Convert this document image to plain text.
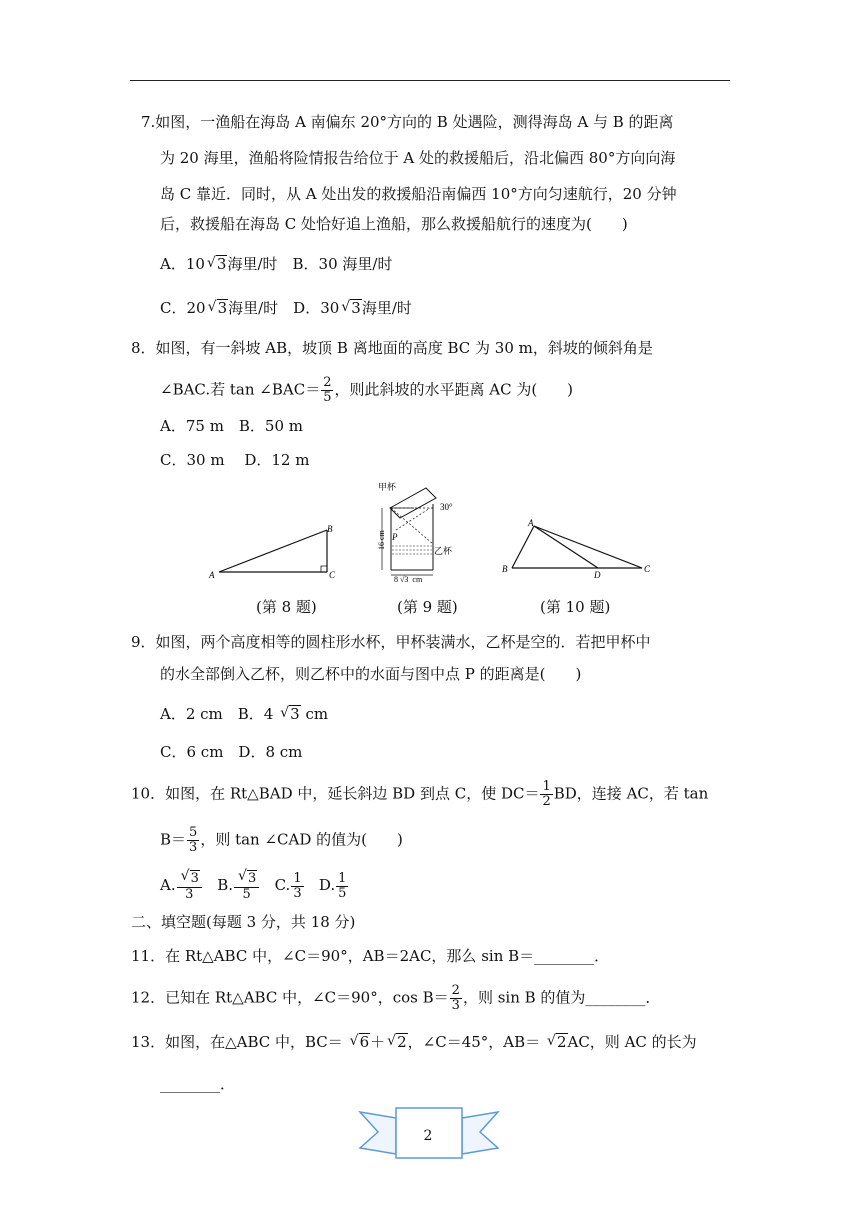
7.如图，一渔船在海岛 A 南偏东 20°方向的 B 处遇险，测得海岛 A 与 B 的距离
为 20 海里，渔船将险情报告给位于 A 处的救援船后，沿北偏西 80°方向向海
岛 C 靠近．同时，从 A 处出发的救援船沿南偏西 10°方向匀速航行，20 分钟
后，救援船在海岛 C 处恰好追上渔船，那么救援船航行的速度为(　　)
A．10 √ 3海里/时　B．30 海里/时
C．20 √ 3海里/时　D．30 √ 3海里/时
8．如图，有一斜坡 AB，坡顶 B 离地面的高度 BC 为 30 m，斜坡的倾斜角是
∠BAC.若 tan ∠BAC＝ $\frac{2}{5}$ ，则此斜坡的水平距离 AC 为(　　)
A．75 m　B．50 m
C．30 m　 D．12 m
A
B
C
甲杯
P
乙杯
30°
16 cm
8 √3 cm
A
B
D
C
(第 8 题)	(第 9 题)	(第 10 题)
9．如图，两个高度相等的圆柱形水杯，甲杯装满水，乙杯是空的．若把甲杯中
的水全部倒入乙杯，则乙杯中的水面与图中点 P 的距离是(　　)
A．2 cm　B．4 √ 3 cm
C．6 cm　D．8 cm
10．如图，在 Rt△BAD 中，延长斜边 BD 到点 C，使 $DC= \frac{1}{2}$ BD，连接 AC，若 tan
$B= \frac{5}{3}$ ，则 tan ∠CAD 的值为(　　)
A. √ $\frac{3}{3} B$. √ $\frac{3}{5} C$. $\frac{1}{3} D$. $\frac{1}{5}$
二、填空题(每题 3 分，共 18 分)
11．在 Rt△ABC 中，∠C＝90°，AB＝2AC，那么 sin B＝________．
12．已知在 Rt△ABC 中，∠C＝90°，$\cos B= \frac{2}{3}$ ，则 sin B 的值为________．
13．如图，在△ABC 中，BC＝ √ 6＋ √ 2，∠C＝45°，AB＝ √ 2AC，则 AC 的长为
________．
2
